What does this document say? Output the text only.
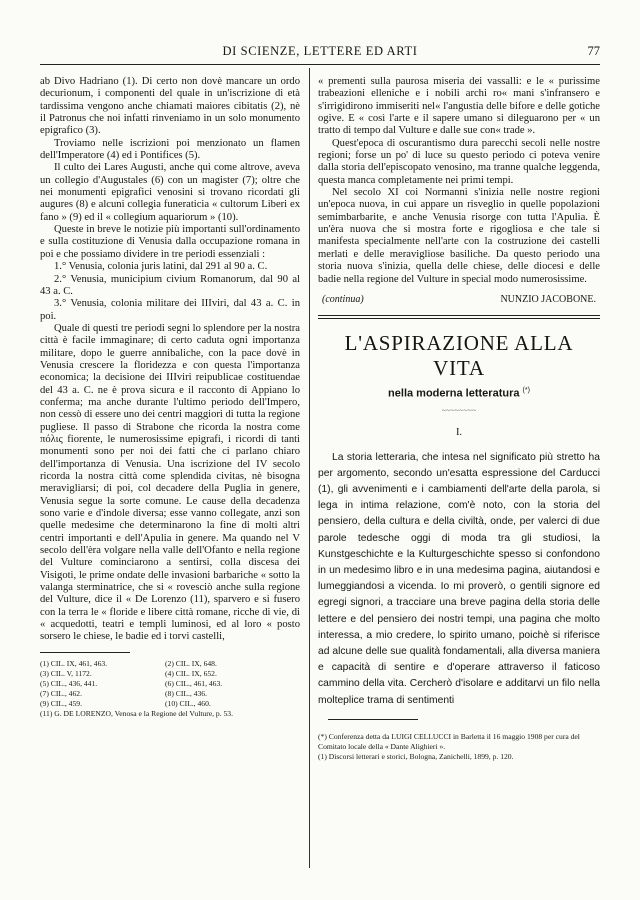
DI SCIENZE, LETTERE ED ARTI	77

ab Divo Hadriano (1). Di certo non dovè mancare un ordo decurionum, i componenti del quale in un'iscrizione di età tardissima vengono anche chiamati maiores cibitatis (2), nè il Patronus che noi infatti rinveniamo in un solo monumento epigrafico (3).

Troviamo nelle iscrizioni poi menzionato un flamen dell'Imperatore (4) ed i Pontifices (5).

Il culto dei Lares Augusti, anche qui come altrove, aveva un collegio d'Augustales (6) con un magister (7); oltre che nei monumenti epigrafici venosini si trovano ricordati gli augures (8) e alcuni collegia funeraticia « cultorum Liberi ex fano » (9) ed il « collegium aquariorum » (10).

Queste in breve le notizie più importanti sull'ordinamento e sulla costituzione di Venusia dalla occupazione romana in poi e che possiamo dividere in tre periodi essenziali :

1.° Venusia, colonia juris latini, dal 291 al 90 a. C.

2.° Venusia, municipium civium Romanorum, dal 90 al 43 a. C.

3.° Venusia, colonia militare dei IIIviri, dal 43 a. C. in poi.

Quale di questi tre periodi segni lo splendore per la nostra città è facile immaginare; di certo caduta ogni importanza militare, dopo le guerre annibaliche, con la pace dovè in Venusia crescere la floridezza e con questa l'importanza economica; la decisione dei IIIviri reipublicae costituendae del 43 a. C. ne è prova sicura e il racconto di Appiano lo conferma; ma anche durante l'ultimo periodo dell'Impero, non cessò di essere uno dei centri maggiori di tutta la regione pugliese. Il passo di Strabone che ricorda la nostra come πόλις fiorente, le numerosissime epigrafi, i ricordi di tanti monumenti sono per noi dei fatti che ci parlano chiaro dell'importanza di Venusia. Una iscrizione del IV secolo ricorda la nostra città come splendida civitas, nè bisogna meravigliarsi; di poi, col decadere della Puglia in genere, Venusia segue la sorte comune. Le cause della decadenza sono varie e d'indole diversa; esse vanno collegate, anzi son quelle medesime che determinarono la fine di molti altri centri importanti e dell'Apulia in genere. Ma quando nel V secolo dell'èra volgare nella valle dell'Ofanto e nella regione del Vulture cominciarono a sentirsi, colla discesa dei Visigoti, le prime ondate delle invasioni barbariche « sotto la valanga sterminatrice, che si « rovesciò anche sulla regione del Vulture, dice il « De Lorenzo (11), sparvero e si fusero con la terra le « floride e libere città romane, ricche di vie, di « acquedotti, teatri e templi luminosi, ed al loro « posto sorsero le chiese, le badie ed i torvi castelli,

(1) CIL. IX, 461, 463.	(2) CIL. IX, 648.
(3) CIL. V, 1172.	(4) CIL. IX, 652.
(5) CIL., 436, 441.	(6) CIL., 461, 463.
(7) CIL., 462.	(8) CIL., 436.
(9) CIL., 459.	(10) CIL., 460.
(11) G. DE LORENZO, Venosa e la Regione del Vulture, p. 53.

« prementi sulla paurosa miseria dei vassalli: e le « purissime trabeazioni elleniche e i nobili archi ro« mani s'infransero e s'irrigidirono immiseriti nel« l'angustia delle bifore e delle gotiche ogive. E « così l'arte e il sapere umano si dileguarono per « un tratto di tempo dal Vulture e dalle sue con« trade ».

Quest'epoca di oscurantismo dura parecchi secoli nelle nostre regioni; forse un po' di luce su questo periodo ci poteva venire dalla storia dell'episcopato venosino, ma tranne qualche leggenda, questa manca completamente nei primi tempi.

Nel secolo XI coi Normanni s'inizia nelle nostre regioni un'epoca nuova, in cui appare un risveglio in quelle popolazioni semimbarbarite, e anche Venusia risorge con tutta l'Apulia. È un'èra nuova che si mostra forte e rigogliosa e che tale si manifesta specialmente nell'arte con la costruzione dei castelli merlati e delle meravigliose basiliche. Da questo periodo una storia nuova s'inizia, quella delle chiese, delle diocesi e delle badie nella regione del Vulture in special modo numerosissime.

(continua)	NUNZIO JACOBONE.
L'ASPIRAZIONE ALLA VITA
nella moderna letteratura (*)
~~~~~~~~
I.

La storia letteraria, che intesa nel significato più stretto ha per argomento, secondo un'esatta espressione del Carducci (1), gli avvenimenti e i cambiamenti dell'arte della parola, si lega in intima relazione, com'è noto, con la storia del pensiero, della cultura e della civiltà, onde, per valerci di due parole tedesche oggi di moda tra gli studiosi, la Kunstgeschichte e la Kulturgeschichte spesso si confondono in un medesimo libro e in una medesima pagina, aiutandosi e lumeggiandosi a vicenda. Io mi proverò, o gentili signore ed egregi signori, a tracciare una breve pagina della storia delle lettere e del pensiero dei nostri tempi, una pagina che molto interessa, a mio credere, lo spirito umano, poichè si riferisce ad alcune delle sue qualità fondamentali, alla diversa maniera e capacità di sentire e d'operare attraverso il faticoso cammino della vita. Cercherò d'isolare e additarvi un filo nella molteplice trama di sentimenti

(*) Conferenza detta da LUIGI CELLUCCI in Barletta il 16 maggio 1908 per cura del Comitato locale della « Dante Alighieri ».
(1) Discorsi letterari e storici, Bologna, Zanichelli, 1899, p. 120.
